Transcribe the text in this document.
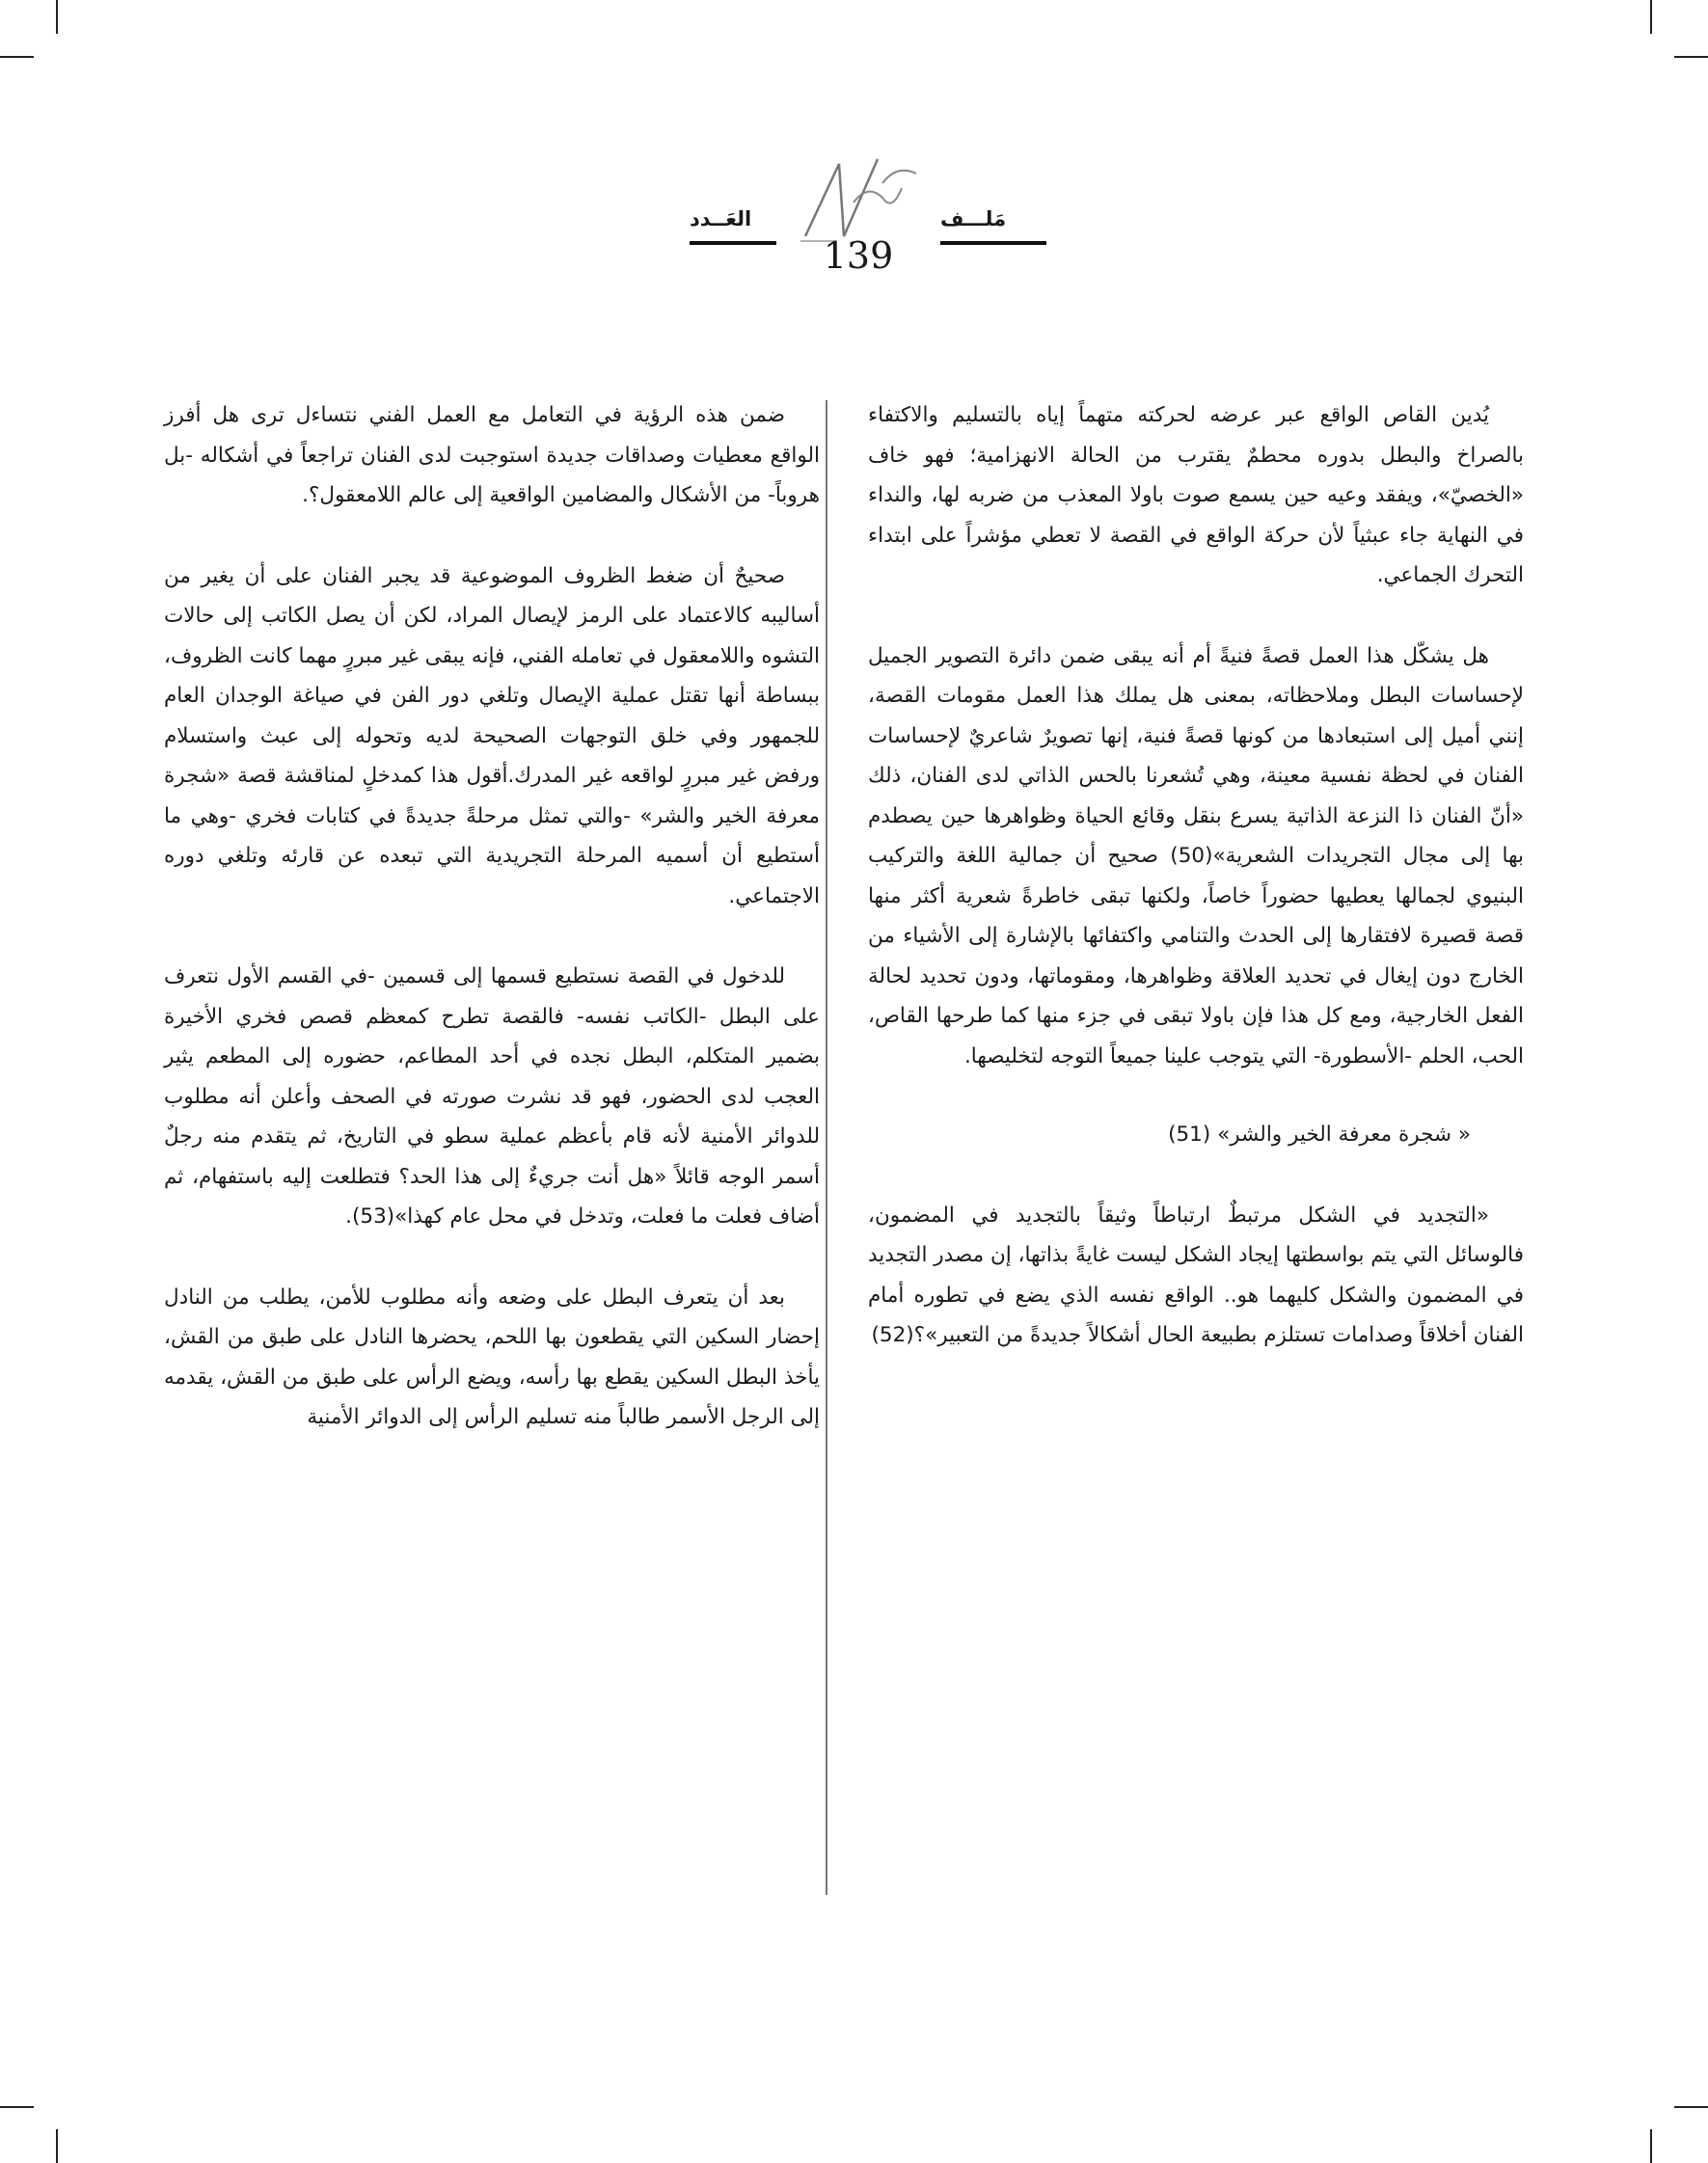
العَــدد	مَلـــف
139

يُدين القاص الواقع عبر عرضه لحركته متهماً إياه بالتسليم والاكتفاء بالصراخ والبطل بدوره محطمٌ يقترب من الحالة الانهزامية؛ فهو خاف «الخصيّ»، ويفقد وعيه حين يسمع صوت باولا المعذب من ضربه لها، والنداء في النهاية جاء عبثياً لأن حركة الواقع في القصة لا تعطي مؤشراً على ابتداء التحرك الجماعي.

هل يشكّل هذا العمل قصةً فنيةً أم أنه يبقى ضمن دائرة التصوير الجميل لإحساسات البطل وملاحظاته، بمعنى هل يملك هذا العمل مقومات القصة، إنني أميل إلى استبعادها من كونها قصةً فنية، إنها تصويرٌ شاعريٌ لإحساسات الفنان في لحظة نفسية معينة، وهي تُشعرنا بالحس الذاتي لدى الفنان، ذلك «أنّ الفنان ذا النزعة الذاتية يسرع بنقل وقائع الحياة وظواهرها حين يصطدم بها إلى مجال التجريدات الشعرية»(50) صحيح أن جمالية اللغة والتركيب البنيوي لجمالها يعطيها حضوراً خاصاً، ولكنها تبقى خاطرةً شعرية أكثر منها قصة قصيرة لافتقارها إلى الحدث والتنامي واكتفائها بالإشارة إلى الأشياء من الخارج دون إيغال في تحديد العلاقة وظواهرها، ومقوماتها، ودون تحديد لحالة الفعل الخارجية، ومع كل هذا فإن باولا تبقى في جزء منها كما طرحها القاص، الحب، الحلم -الأسطورة- التي يتوجب علينا جميعاً التوجه لتخليصها.

« شجرة معرفة الخير والشر» (51)

«التجديد في الشكل مرتبطٌ ارتباطاً وثيقاً بالتجديد في المضمون، فالوسائل التي يتم بواسطتها إيجاد الشكل ليست غايةً بذاتها، إن مصدر التجديد في المضمون والشكل كليهما هو.. الواقع نفسه الذي يضع في تطوره أمام الفنان أخلاقاً وصدامات تستلزم بطبيعة الحال أشكالاً جديدةً من التعبير»؟(52)

ضمن هذه الرؤية في التعامل مع العمل الفني نتساءل ترى هل أفرز الواقع معطيات وصداقات جديدة استوجبت لدى الفنان تراجعاً في أشكاله -بل هروباً- من الأشكال والمضامين الواقعية إلى عالم اللامعقول؟.

صحيحٌ أن ضغط الظروف الموضوعية قد يجبر الفنان على أن يغير من أساليبه كالاعتماد على الرمز لإيصال المراد، لكن أن يصل الكاتب إلى حالات التشوه واللامعقول في تعامله الفني، فإنه يبقى غير مبررٍ مهما كانت الظروف، ببساطة أنها تقتل عملية الإيصال وتلغي دور الفن في صياغة الوجدان العام للجمهور وفي خلق التوجهات الصحيحة لديه وتحوله إلى عبث واستسلام ورفض غير مبررٍ لواقعه غير المدرك.أقول هذا كمدخلٍ لمناقشة قصة «شجرة معرفة الخير والشر» -والتي تمثل مرحلةً جديدةً في كتابات فخري -وهي ما أستطيع أن أسميه المرحلة التجريدية التي تبعده عن قارئه وتلغي دوره الاجتماعي.

للدخول في القصة نستطيع قسمها إلى قسمين -في القسم الأول نتعرف على البطل -الكاتب نفسه- فالقصة تطرح كمعظم قصص فخري الأخيرة بضمير المتكلم، البطل نجده في أحد المطاعم، حضوره إلى المطعم يثير العجب لدى الحضور، فهو قد نشرت صورته في الصحف وأعلن أنه مطلوب للدوائر الأمنية لأنه قام بأعظم عملية سطو في التاريخ، ثم يتقدم منه رجلٌ أسمر الوجه قائلاً «هل أنت جريءٌ إلى هذا الحد؟ فتطلعت إليه باستفهام، ثم أضاف فعلت ما فعلت، وتدخل في محل عام كهذا»(53).

بعد أن يتعرف البطل على وضعه وأنه مطلوب للأمن، يطلب من النادل إحضار السكين التي يقطعون بها اللحم، يحضرها النادل على طبق من القش، يأخذ البطل السكين يقطع بها رأسه، ويضع الرأس على طبق من القش، يقدمه إلى الرجل الأسمر طالباً منه تسليم الرأس إلى الدوائر الأمنية
